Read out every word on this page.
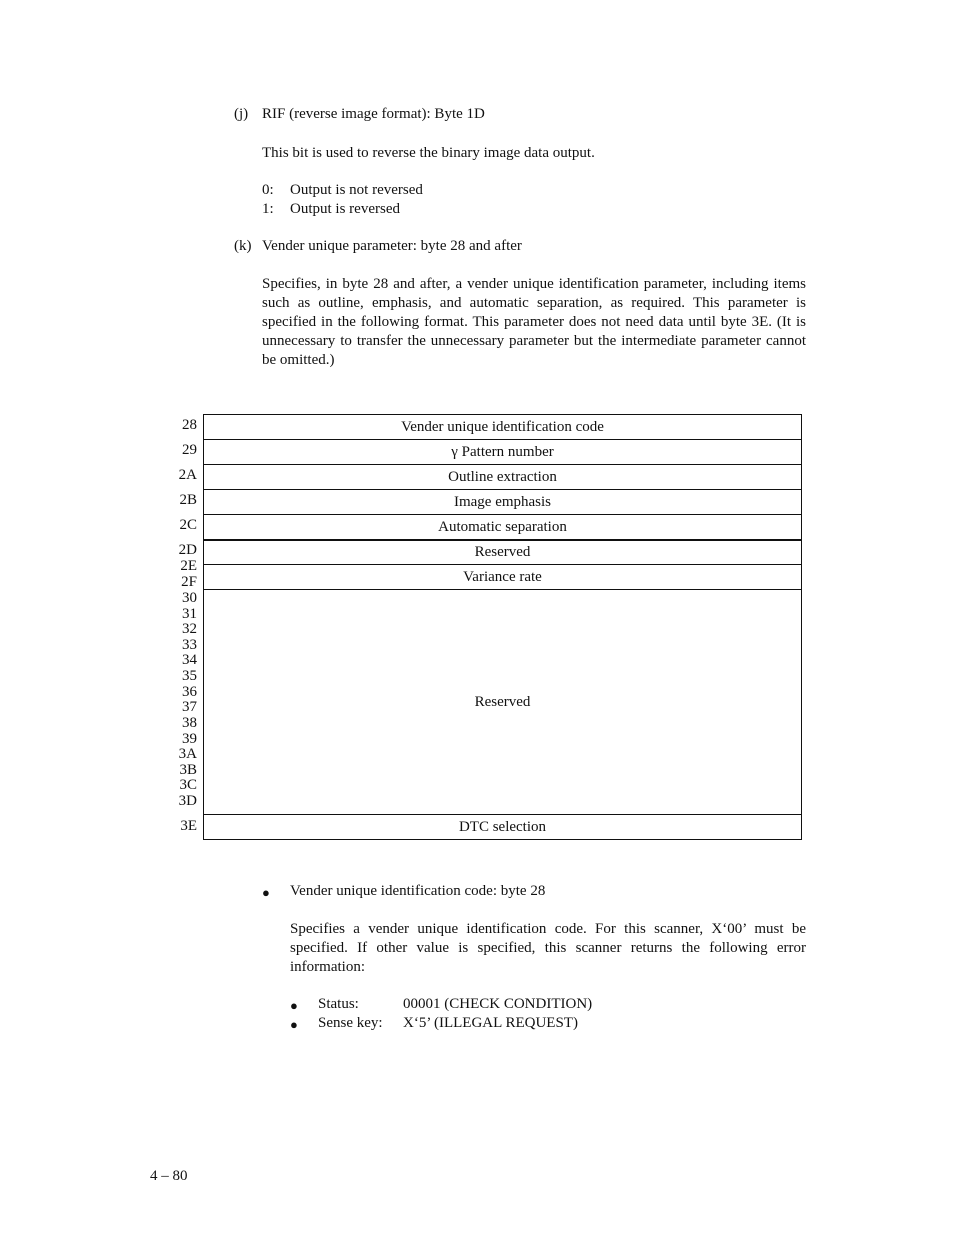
(j) RIF (reverse image format): Byte 1D
This bit is used to reverse the binary image data output.
0: Output is not reversed
1: Output is reversed
(k) Vender unique parameter: byte 28 and after
Specifies, in byte 28 and after, a vender unique identification parameter, including items such as outline, emphasis, and automatic separation, as required. This parameter is specified in the following format. This parameter does not need data until byte 3E. (It is unnecessary to transfer the unnecessary parameter but the intermediate parameter cannot be omitted.)
28
29
2A
2B
2C
2D
2E
2F
30
31
32
33
34
35
36
37
38
39
3A
3B
3C
3D
3E
Vender unique identification code
γ Pattern number
Outline extraction
Image emphasis
Automatic separation
Reserved
Variance rate
Reserved
DTC selection
● Vender unique identification code: byte 28
Specifies a vender unique identification code. For this scanner, X‘00’ must be specified. If other value is specified, this scanner returns the following error information:
● Status:	00001 (CHECK CONDITION)
● Sense key: X‘5’ (ILLEGAL REQUEST)
4 – 80
